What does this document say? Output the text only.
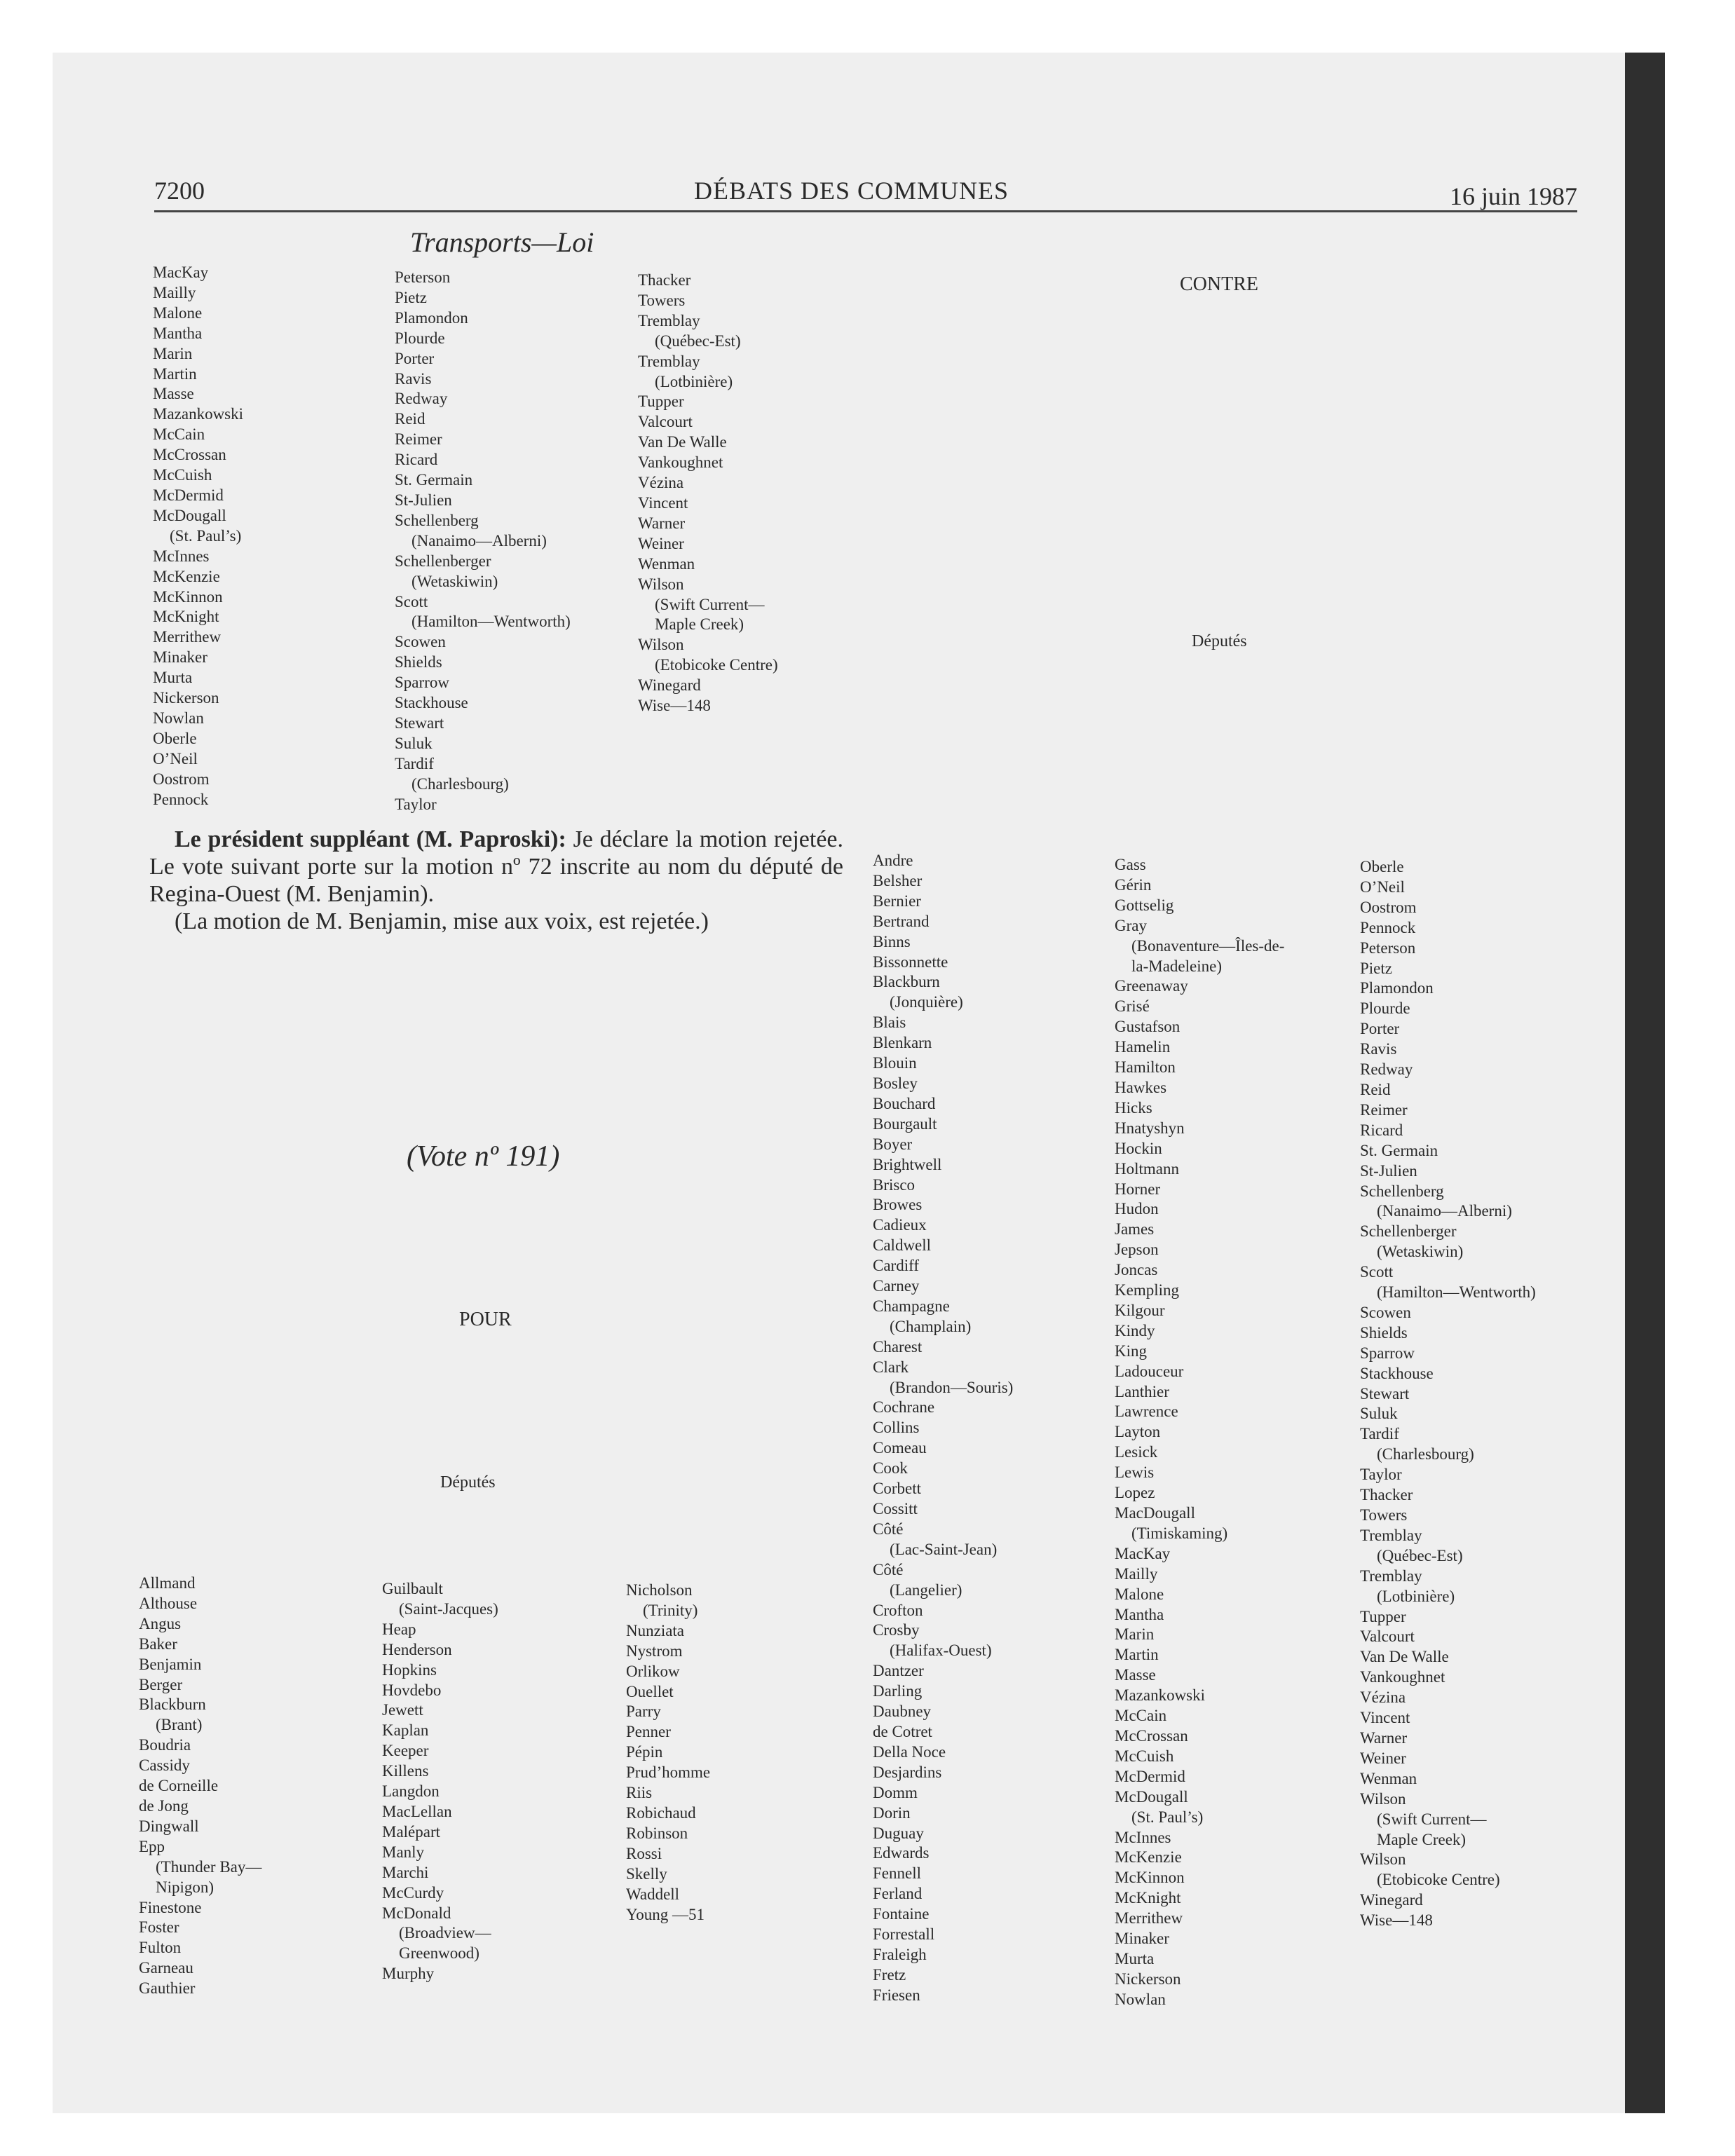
7200	DÉBATS DES COMMUNES	16 juin 1987
Transports—Loi
MacKay
Mailly
Malone
Mantha
Marin
Martin
Masse
Mazankowski
McCain
McCrossan
McCuish
McDermid
McDougall
(St. Paul’s)
McInnes
McKenzie
McKinnon
McKnight
Merrithew
Minaker
Murta
Nickerson
Nowlan
Oberle
O’Neil
Oostrom
Pennock
Peterson
Pietz
Plamondon
Plourde
Porter
Ravis
Redway
Reid
Reimer
Ricard
St. Germain
St-Julien
Schellenberg
(Nanaimo—Alberni)
Schellenberger
(Wetaskiwin)
Scott
(Hamilton—Wentworth)
Scowen
Shields
Sparrow
Stackhouse
Stewart
Suluk
Tardif
(Charlesbourg)
Taylor
Thacker
Towers
Tremblay
(Québec-Est)
Tremblay
(Lotbinière)
Tupper
Valcourt
Van De Walle
Vankoughnet
Vézina
Vincent
Warner
Weiner
Wenman
Wilson
(Swift Current—
Maple Creek)
Wilson
(Etobicoke Centre)
Winegard
Wise—148
CONTRE
Députés

Le président suppléant (M. Paproski): Je déclare la motion rejetée. Le vote suivant porte sur la motion nº 72 inscrite au nom du député de Regina-Ouest (M. Benjamin).

(La motion de M. Benjamin, mise aux voix, est rejetée.)

(Vote nº 191)
POUR
Députés
Allmand
Althouse
Angus
Baker
Benjamin
Berger
Blackburn
(Brant)
Boudria
Cassidy
de Corneille
de Jong
Dingwall
Epp
(Thunder Bay—
Nipigon)
Finestone
Foster
Fulton
Garneau
Gauthier
Guilbault
(Saint-Jacques)
Heap
Henderson
Hopkins
Hovdebo
Jewett
Kaplan
Keeper
Killens
Langdon
MacLellan
Malépart
Manly
Marchi
McCurdy
McDonald
(Broadview—
Greenwood)
Murphy
Nicholson
(Trinity)
Nunziata
Nystrom
Orlikow
Ouellet
Parry
Penner
Pépin
Prud’homme
Riis
Robichaud
Robinson
Rossi
Skelly
Waddell
Young —51
Andre
Belsher
Bernier
Bertrand
Binns
Bissonnette
Blackburn
(Jonquière)
Blais
Blenkarn
Blouin
Bosley
Bouchard
Bourgault
Boyer
Brightwell
Brisco
Browes
Cadieux
Caldwell
Cardiff
Carney
Champagne
(Champlain)
Charest
Clark
(Brandon—Souris)
Cochrane
Collins
Comeau
Cook
Corbett
Cossitt
Côté
(Lac-Saint-Jean)
Côté
(Langelier)
Crofton
Crosby
(Halifax-Ouest)
Dantzer
Darling
Daubney
de Cotret
Della Noce
Desjardins
Domm
Dorin
Duguay
Edwards
Fennell
Ferland
Fontaine
Forrestall
Fraleigh
Fretz
Friesen
Gass
Gérin
Gottselig
Gray
(Bonaventure—Îles-de-
la-Madeleine)
Greenaway
Grisé
Gustafson
Hamelin
Hamilton
Hawkes
Hicks
Hnatyshyn
Hockin
Holtmann
Horner
Hudon
James
Jepson
Joncas
Kempling
Kilgour
Kindy
King
Ladouceur
Lanthier
Lawrence
Layton
Lesick
Lewis
Lopez
MacDougall
(Timiskaming)
MacKay
Mailly
Malone
Mantha
Marin
Martin
Masse
Mazankowski
McCain
McCrossan
McCuish
McDermid
McDougall
(St. Paul’s)
McInnes
McKenzie
McKinnon
McKnight
Merrithew
Minaker
Murta
Nickerson
Nowlan
Oberle
O’Neil
Oostrom
Pennock
Peterson
Pietz
Plamondon
Plourde
Porter
Ravis
Redway
Reid
Reimer
Ricard
St. Germain
St-Julien
Schellenberg
(Nanaimo—Alberni)
Schellenberger
(Wetaskiwin)
Scott
(Hamilton—Wentworth)
Scowen
Shields
Sparrow
Stackhouse
Stewart
Suluk
Tardif
(Charlesbourg)
Taylor
Thacker
Towers
Tremblay
(Québec-Est)
Tremblay
(Lotbinière)
Tupper
Valcourt
Van De Walle
Vankoughnet
Vézina
Vincent
Warner
Weiner
Wenman
Wilson
(Swift Current—
Maple Creek)
Wilson
(Etobicoke Centre)
Winegard
Wise—148
